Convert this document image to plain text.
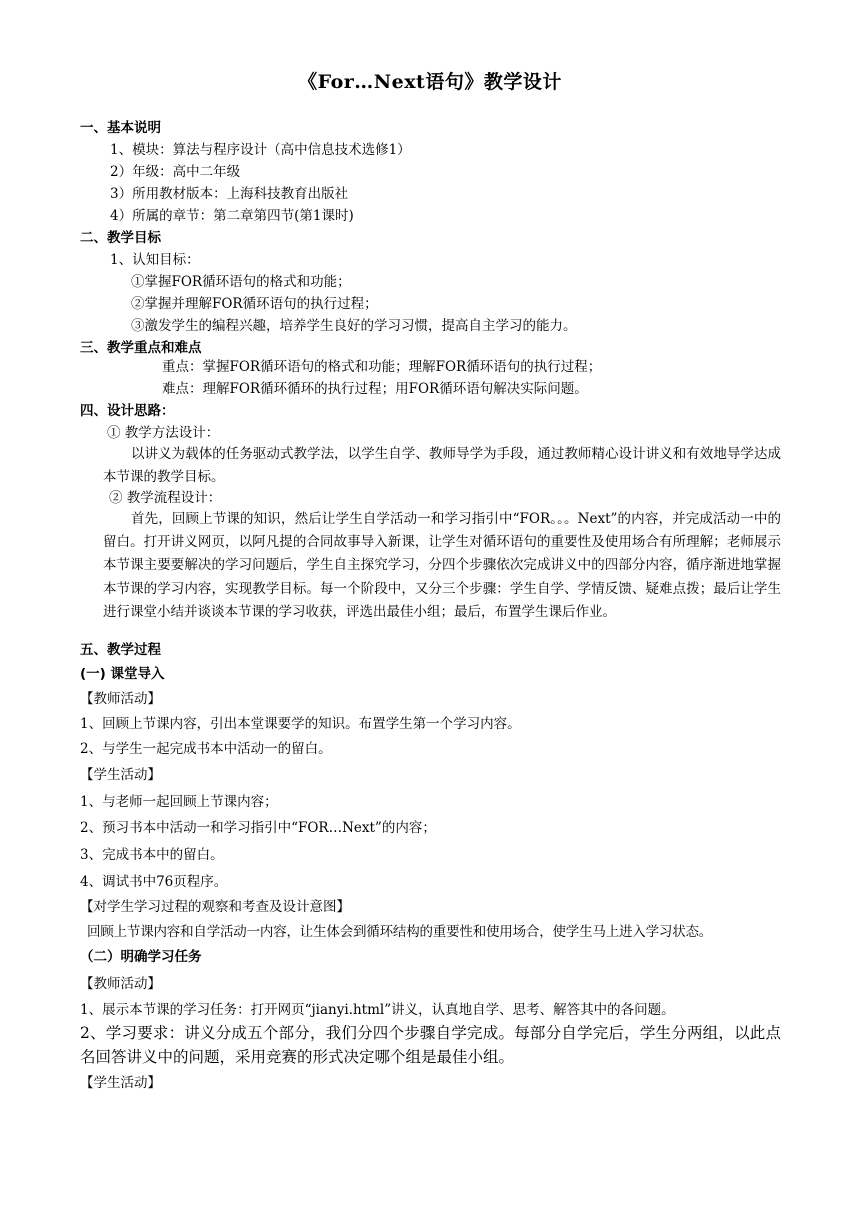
《For…Next语句》教学设计
一、基本说明
1、模块：算法与程序设计（高中信息技术选修1）
2）年级：高中二年级
3）所用教材版本：上海科技教育出版社
4）所属的章节：第二章第四节(第1课时)
二、教学目标
1、认知目标：
①掌握FOR循环语句的格式和功能；
②掌握并理解FOR循环语句的执行过程；
③激发学生的编程兴趣，培养学生良好的学习习惯，提高自主学习的能力。
三、教学重点和难点
重点：掌握FOR循环语句的格式和功能；理解FOR循环语句的执行过程；
难点：理解FOR循环循环的执行过程；用FOR循环语句解决实际问题。
四、设计思路：
① 教学方法设计：
以讲义为载体的任务驱动式教学法，以学生自学、教师导学为手段，通过教师精心设计讲义和有效地导学达成本节课的教学目标。
② 教学流程设计：
首先，回顾上节课的知识，然后让学生自学活动一和学习指引中“FOR。。。Next”的内容，并完成活动一中的留白。打开讲义网页，以阿凡提的合同故事导入新课，让学生对循环语句的重要性及使用场合有所理解；老师展示本节课主要要解决的学习问题后，学生自主探究学习，分四个步骤依次完成讲义中的四部分内容，循序渐进地掌握本节课的学习内容，实现教学目标。每一个阶段中，又分三个步骤：学生自学、学情反馈、疑难点拨；最后让学生进行课堂小结并谈谈本节课的学习收获，评选出最佳小组；最后，布置学生课后作业。
五、教学过程
(一) 课堂导入
【教师活动】
1、回顾上节课内容，引出本堂课要学的知识。布置学生第一个学习内容。
2、与学生一起完成书本中活动一的留白。
【学生活动】
1、与老师一起回顾上节课内容；
2、预习书本中活动一和学习指引中“FOR…Next”的内容；
3、完成书本中的留白。
4、调试书中76页程序。
【对学生学习过程的观察和考查及设计意图】
回顾上节课内容和自学活动一内容，让生体会到循环结构的重要性和使用场合，使学生马上进入学习状态。
（二）明确学习任务
【教师活动】
1、展示本节课的学习任务：打开网页“jianyi.html”讲义，认真地自学、思考、解答其中的各问题。
2、学习要求：讲义分成五个部分，我们分四个步骤自学完成。每部分自学完后，学生分两组，以此点名回答讲义中的问题，采用竞赛的形式决定哪个组是最佳小组。
【学生活动】
